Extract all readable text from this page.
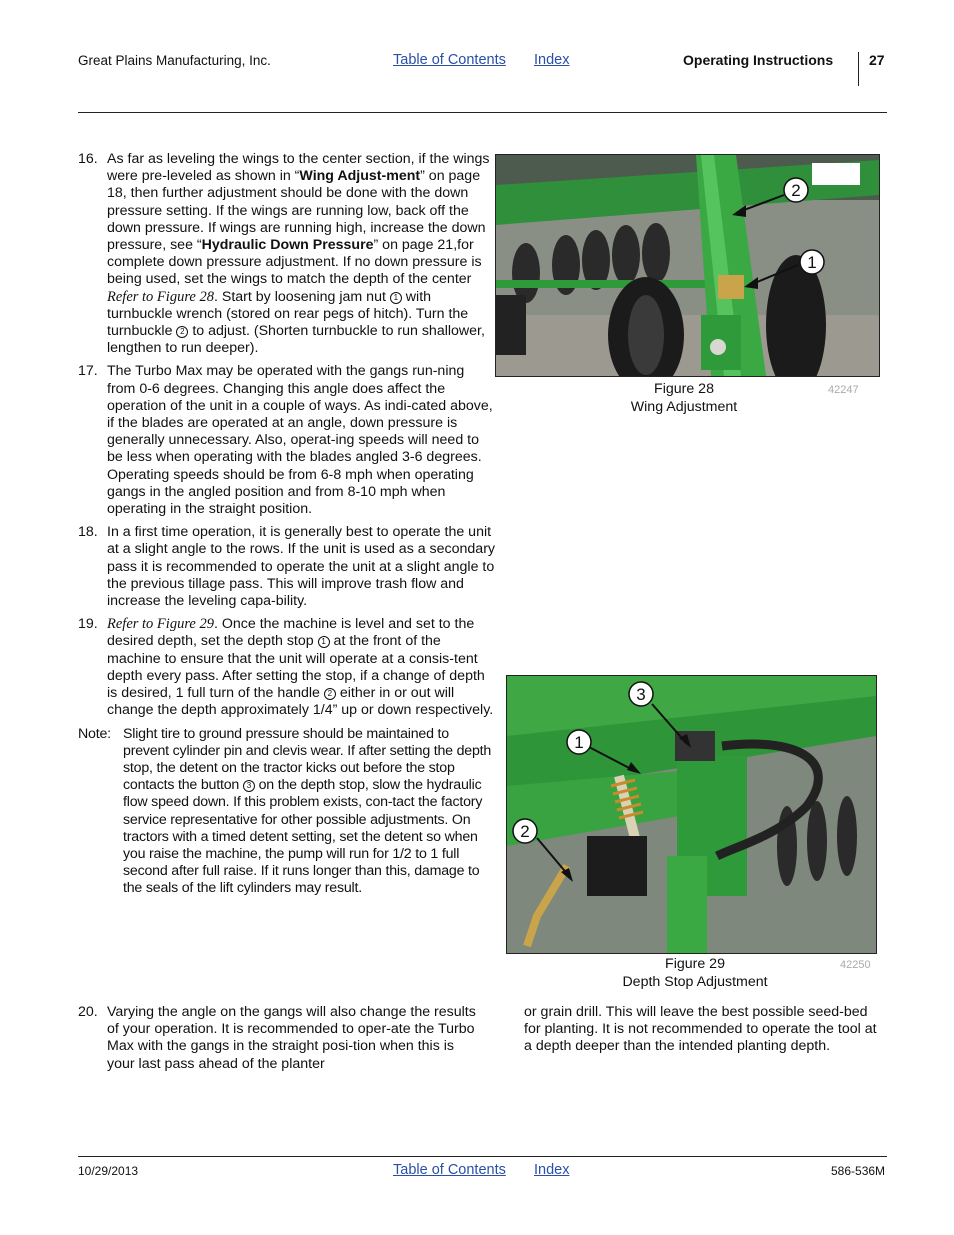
Great Plains Manufacturing, Inc.	Table of Contents Index	Operating Instructions	27
16. As far as leveling the wings to the center section, if the wings were pre-leveled as shown in “Wing Adjust-ment” on page 18, then further adjustment should be done with the down pressure setting. If the wings are running low, back off the down pressure. If wings are running high, increase the down pressure, see “Hydraulic Down Pressure” on page 21,for complete down pressure adjustment. If no down pressure is being used, set the wings to match the depth of the center Refer to Figure 28. Start by loosening jam nut 1 with turnbuckle wrench (stored on rear pegs of hitch). Turn the turnbuckle 2 to adjust. (Shorten turnbuckle to run shallower, lengthen to run deeper).
17. The Turbo Max may be operated with the gangs run-ning from 0-6 degrees. Changing this angle does affect the operation of the unit in a couple of ways. As indi-cated above, if the blades are operated at an angle, down pressure is generally unnecessary. Also, operat-ing speeds will need to be less when operating with the blades angled 3-6 degrees. Operating speeds should be from 6-8 mph when operating gangs in the angled position and from 8-10 mph when operating in the straight position.
18. In a first time operation, it is generally best to operate the unit at a slight angle to the rows. If the unit is used as a secondary pass it is recommended to operate the unit at a slight angle to the previous tillage pass. This will improve trash flow and increase the leveling capa-bility.
19. Refer to Figure 29. Once the machine is level and set to the desired depth, set the depth stop 1 at the front of the machine to ensure that the unit will operate at a consis-tent depth every pass. After setting the stop, if a change of depth is desired, 1 full turn of the handle 2 either in or out will change the depth approximately 1/4” up or down respectively.
Note: Slight tire to ground pressure should be maintained to prevent cylinder pin and clevis wear. If after setting the depth stop, the detent on the tractor kicks out before the stop contacts the button 3 on the depth stop, slow the hydraulic flow speed down. If this problem exists, con-tact the factory service representative for other possible adjustments. On tractors with a timed detent setting, set the detent so when you raise the machine, the pump will run for 1/2 to 1 full second after full raise. If it runs longer than this, damage to the seals of the lift cylinders may result.
20. Varying the angle on the gangs will also change the results of your operation. It is recommended to oper-ate the Turbo Max with the gangs in the straight posi-tion when this is your last pass ahead of the planter
or grain drill. This will leave the best possible seed-bed for planting. It is not recommended to operate the tool at a depth deeper than the intended planting depth.
2
1
Figure 28
Wing Adjustment
42247
3
1
2
Figure 29
Depth Stop Adjustment
42250
10/29/2013	Table of Contents Index	586-536M
